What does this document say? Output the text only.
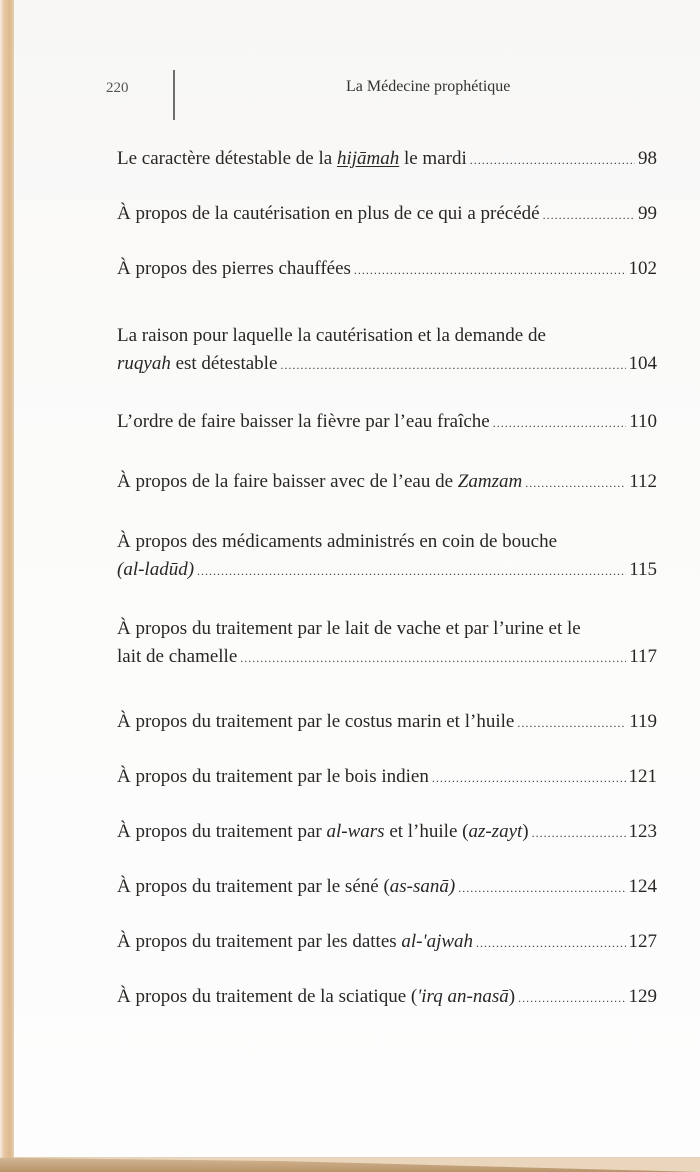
220	La Médecine prophétique
Le caractère détestable de la hijāmah le mardi .....	98
À propos de la cautérisation en plus de ce qui a précédé .....	99
À propos des pierres chauffées .....	102
La raison pour laquelle la cautérisation et la demande de
ruqyah est détestable .....	104
L’ordre de faire baisser la fièvre par l’eau fraîche .....	110
À propos de la faire baisser avec de l’eau de Zamzam .....	112
À propos des médicaments administrés en coin de bouche
(al-ladūd) .....	115
À propos du traitement par le lait de vache et par l’urine et le
lait de chamelle .....	117
À propos du traitement par le costus marin et l’huile .....	119
À propos du traitement par le bois indien .....	121
À propos du traitement par al-wars et l’huile (az-zayt) .....	123
À propos du traitement par le séné (as-sanā) .....	124
À propos du traitement par les dattes al-'ajwah .....	127
À propos du traitement de la sciatique ('irq an-nasā) .....	129
